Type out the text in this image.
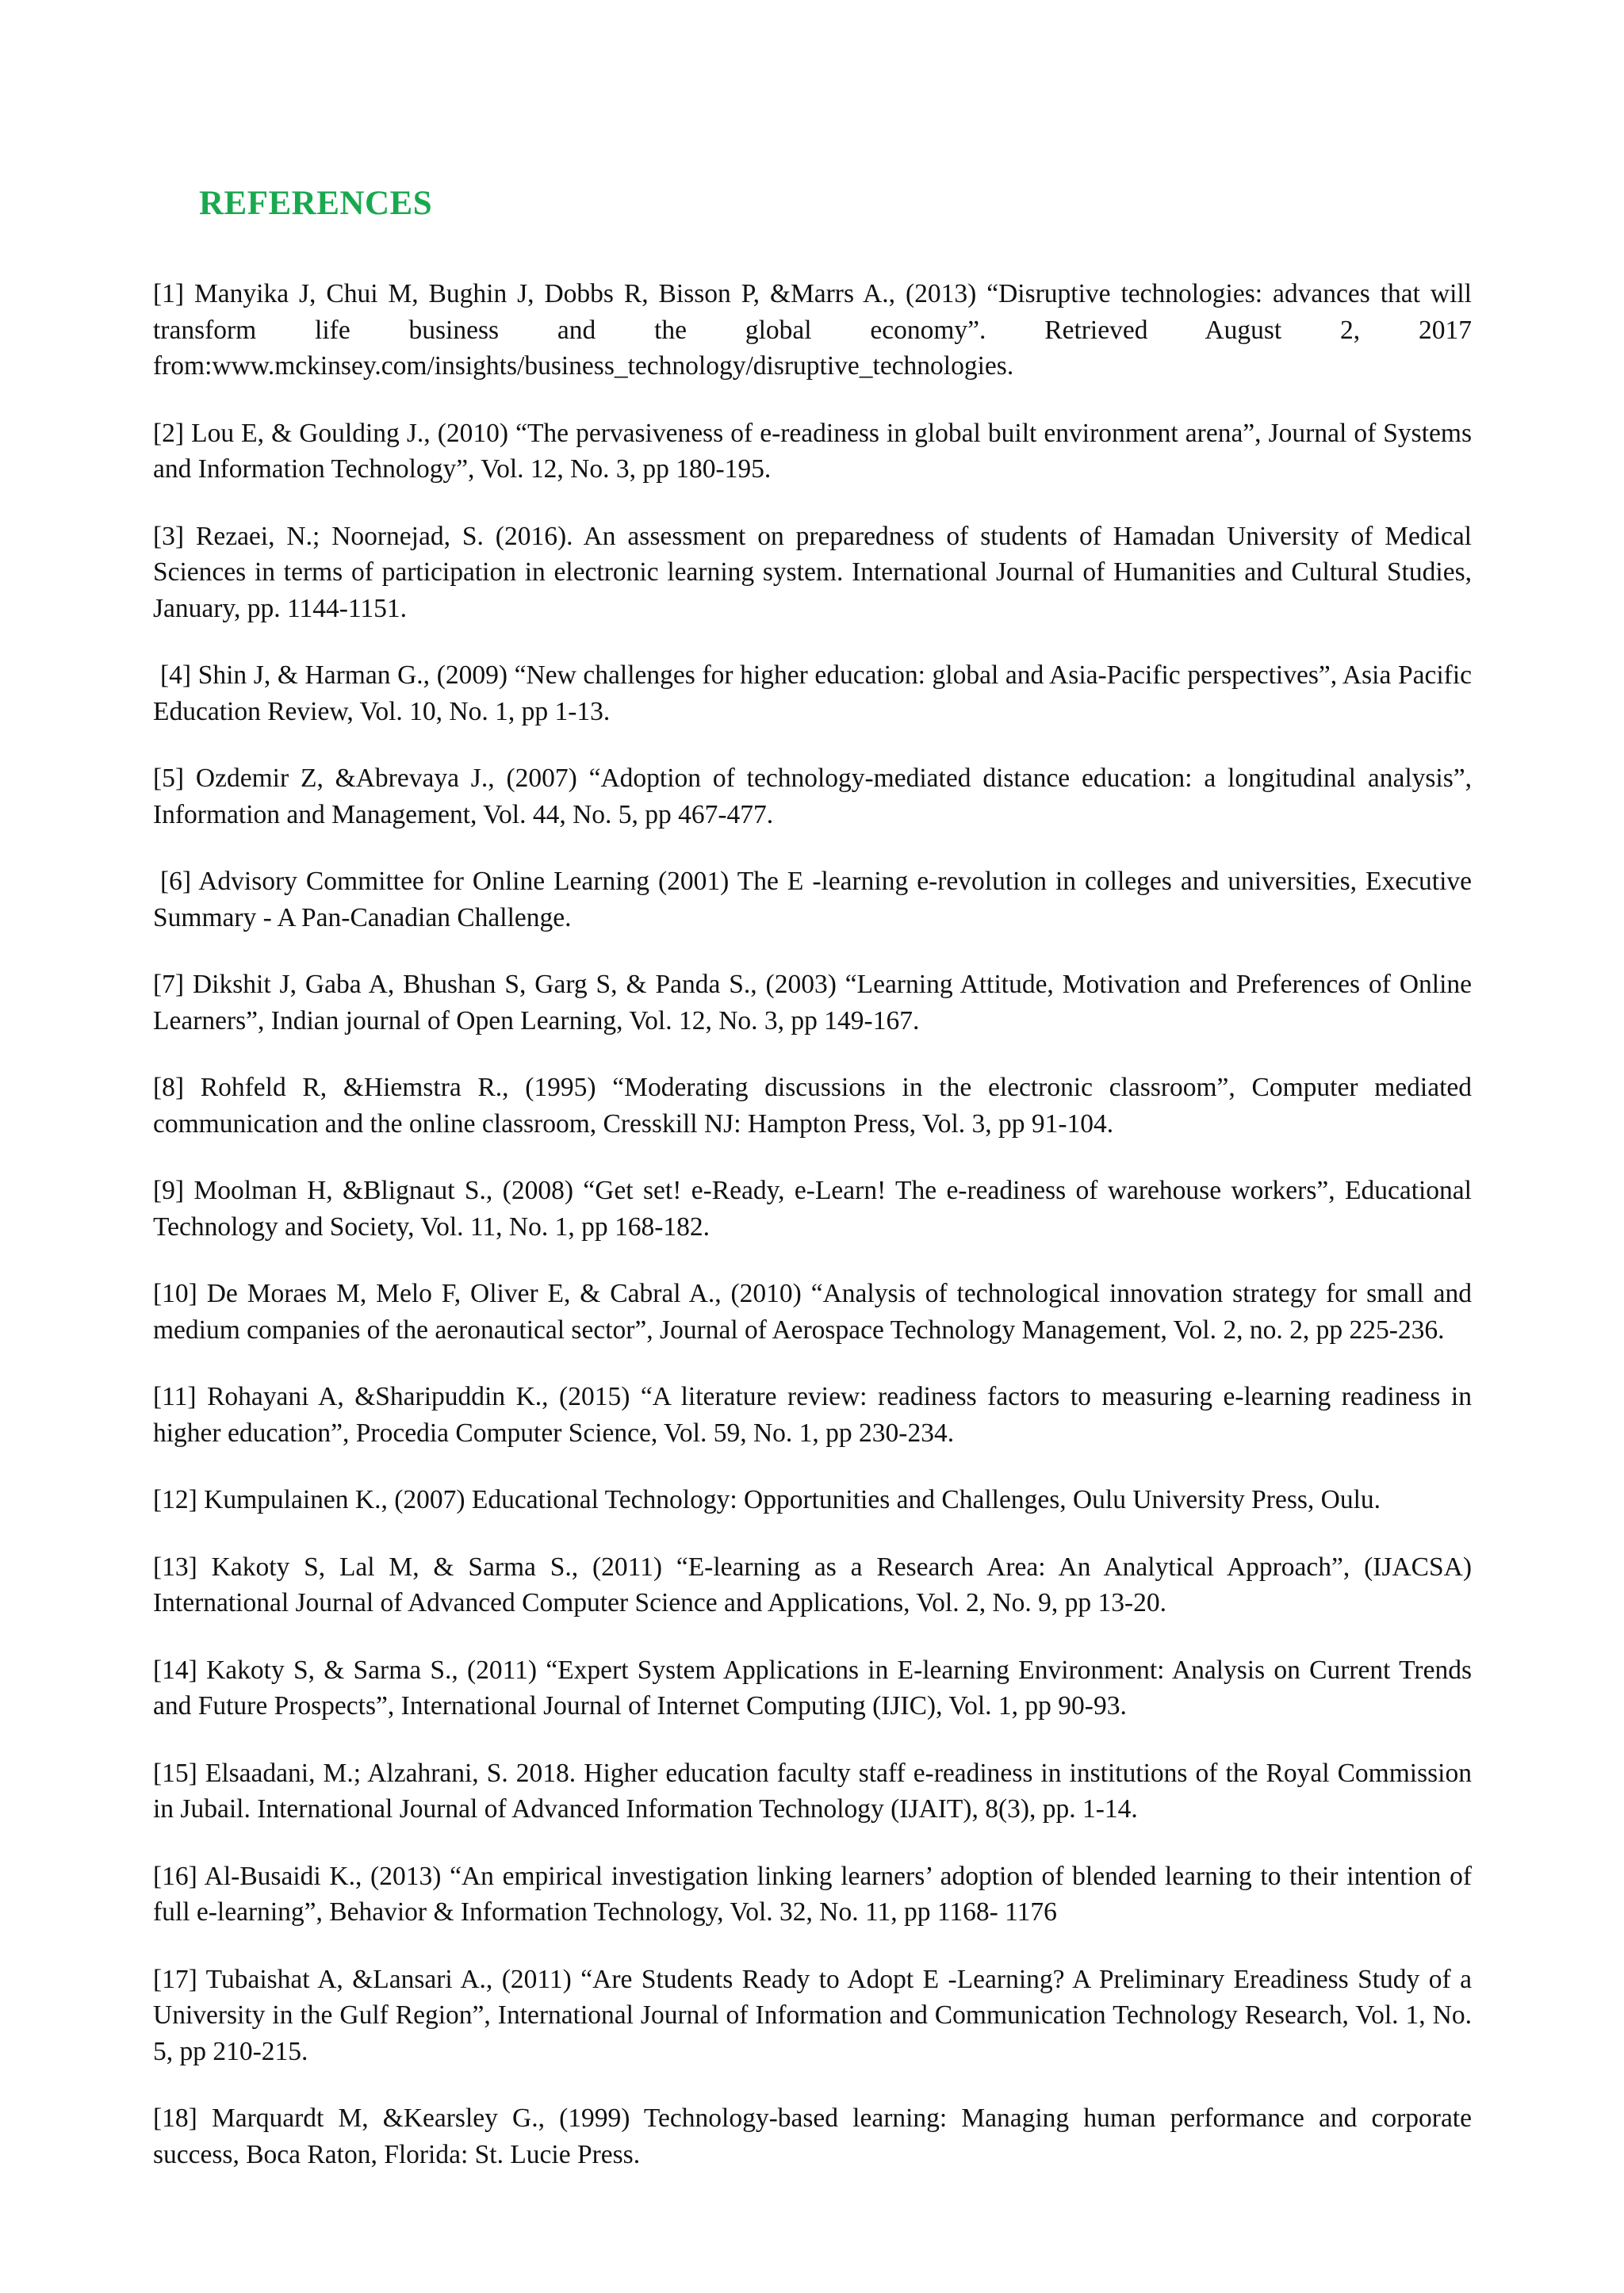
REFERENCES

[1] Manyika J, Chui M, Bughin J, Dobbs R, Bisson P, &Marrs A., (2013) “Disruptive technologies: advances that will transform life business and the global economy”. Retrieved August 2, 2017 from:www.mckinsey.com/insights/business_technology/disruptive_technologies.

[2] Lou E, & Goulding J., (2010) “The pervasiveness of e-readiness in global built environment arena”, Journal of Systems and Information Technology”, Vol. 12, No. 3, pp 180-195.

[3] Rezaei, N.; Noornejad, S. (2016). An assessment on preparedness of students of Hamadan University of Medical Sciences in terms of participation in electronic learning system. International Journal of Humanities and Cultural Studies, January, pp. 1144-1151.

[4] Shin J, & Harman G., (2009) “New challenges for higher education: global and Asia-Pacific perspectives”, Asia Pacific Education Review, Vol. 10, No. 1, pp 1-13.

[5] Ozdemir Z, &Abrevaya J., (2007) “Adoption of technology-mediated distance education: a longitudinal analysis”, Information and Management, Vol. 44, No. 5, pp 467-477.

[6] Advisory Committee for Online Learning (2001) The E -learning e-revolution in colleges and universities, Executive Summary - A Pan-Canadian Challenge.

[7] Dikshit J, Gaba A, Bhushan S, Garg S, & Panda S., (2003) “Learning Attitude, Motivation and Preferences of Online Learners”, Indian journal of Open Learning, Vol. 12, No. 3, pp 149-167.

[8] Rohfeld R, &Hiemstra R., (1995) “Moderating discussions in the electronic classroom”, Computer mediated communication and the online classroom, Cresskill NJ: Hampton Press, Vol. 3, pp 91-104.

[9] Moolman H, &Blignaut S., (2008) “Get set! e-Ready, e-Learn! The e-readiness of warehouse workers”, Educational Technology and Society, Vol. 11, No. 1, pp 168-182.

[10] De Moraes M, Melo F, Oliver E, & Cabral A., (2010) “Analysis of technological innovation strategy for small and medium companies of the aeronautical sector”, Journal of Aerospace Technology Management, Vol. 2, no. 2, pp 225-236.

[11] Rohayani A, &Sharipuddin K., (2015) “A literature review: readiness factors to measuring e-learning readiness in higher education”, Procedia Computer Science, Vol. 59, No. 1, pp 230-234.

[12] Kumpulainen K., (2007) Educational Technology: Opportunities and Challenges, Oulu University Press, Oulu.

[13] Kakoty S, Lal M, & Sarma S., (2011) “E-learning as a Research Area: An Analytical Approach”, (IJACSA) International Journal of Advanced Computer Science and Applications, Vol. 2, No. 9, pp 13-20.

[14] Kakoty S, & Sarma S., (2011) “Expert System Applications in E-learning Environment: Analysis on Current Trends and Future Prospects”, International Journal of Internet Computing (IJIC), Vol. 1, pp 90-93.

[15] Elsaadani, M.; Alzahrani, S. 2018. Higher education faculty staff e-readiness in institutions of the Royal Commission in Jubail. International Journal of Advanced Information Technology (IJAIT), 8(3), pp. 1-14.

[16] Al-Busaidi K., (2013) “An empirical investigation linking learners’ adoption of blended learning to their intention of full e-learning”, Behavior & Information Technology, Vol. 32, No. 11, pp 1168- 1176

[17] Tubaishat A, &Lansari A., (2011) “Are Students Ready to Adopt E -Learning? A Preliminary Ereadiness Study of a University in the Gulf Region”, International Journal of Information and Communication Technology Research, Vol. 1, No. 5, pp 210-215.

[18] Marquardt M, &Kearsley G., (1999) Technology-based learning: Managing human performance and corporate success, Boca Raton, Florida: St. Lucie Press.
